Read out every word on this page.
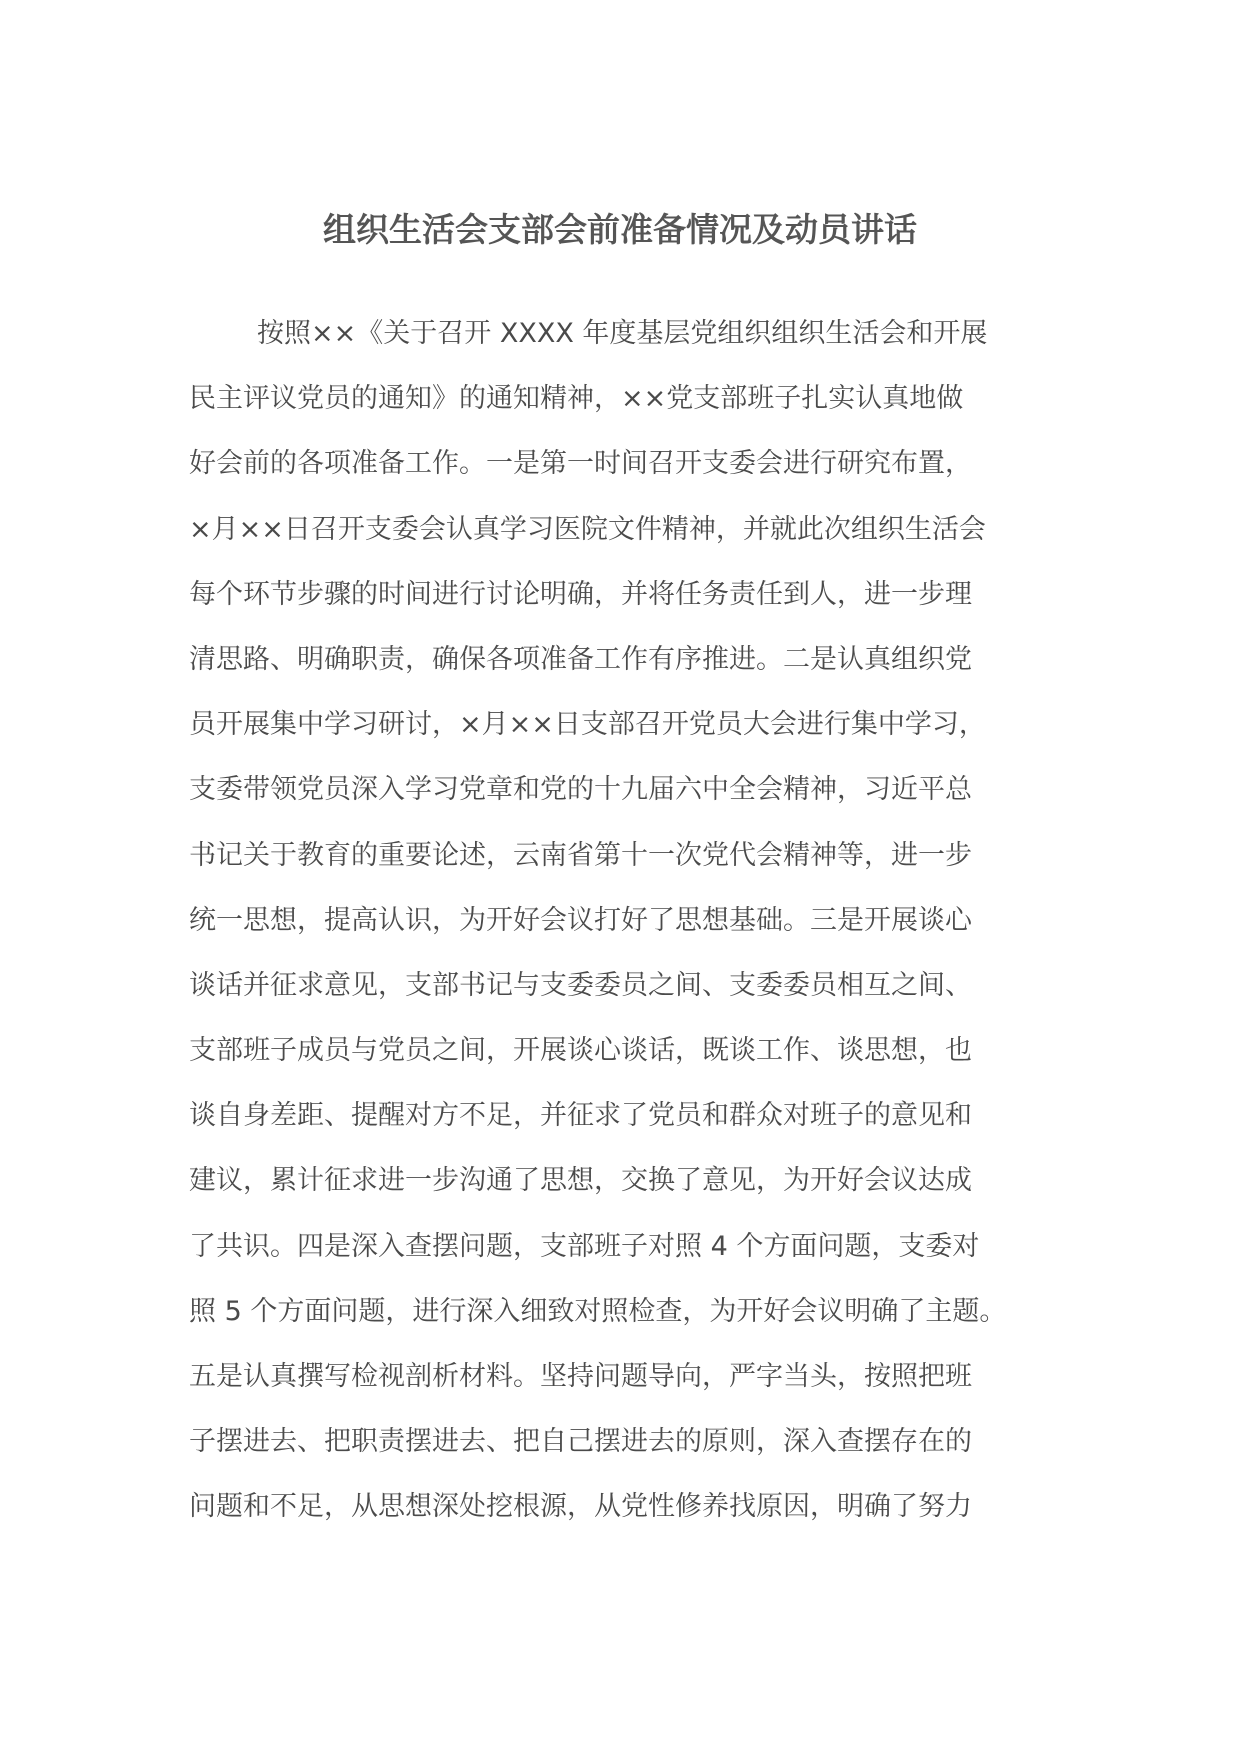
组织生活会支部会前准备情况及动员讲话
按照××《关于召开 XXXX 年度基层党组织组织生活会和开展
民主评议党员的通知》的通知精神，××党支部班子扎实认真地做
好会前的各项准备工作。一是第一时间召开支委会进行研究布置，
×月××日召开支委会认真学习医院文件精神，并就此次组织生活会
每个环节步骤的时间进行讨论明确，并将任务责任到人，进一步理
清思路、明确职责，确保各项准备工作有序推进。二是认真组织党
员开展集中学习研讨，×月××日支部召开党员大会进行集中学习，
支委带领党员深入学习党章和党的十九届六中全会精神，习近平总
书记关于教育的重要论述，云南省第十一次党代会精神等，进一步
统一思想，提高认识，为开好会议打好了思想基础。三是开展谈心
谈话并征求意见，支部书记与支委委员之间、支委委员相互之间、
支部班子成员与党员之间，开展谈心谈话，既谈工作、谈思想，也
谈自身差距、提醒对方不足，并征求了党员和群众对班子的意见和
建议，累计征求进一步沟通了思想，交换了意见，为开好会议达成
了共识。四是深入查摆问题，支部班子对照 4 个方面问题，支委对
照 5 个方面问题，进行深入细致对照检查，为开好会议明确了主题。
五是认真撰写检视剖析材料。坚持问题导向，严字当头，按照把班
子摆进去、把职责摆进去、把自己摆进去的原则，深入查摆存在的
问题和不足，从思想深处挖根源，从党性修养找原因，明确了努力
